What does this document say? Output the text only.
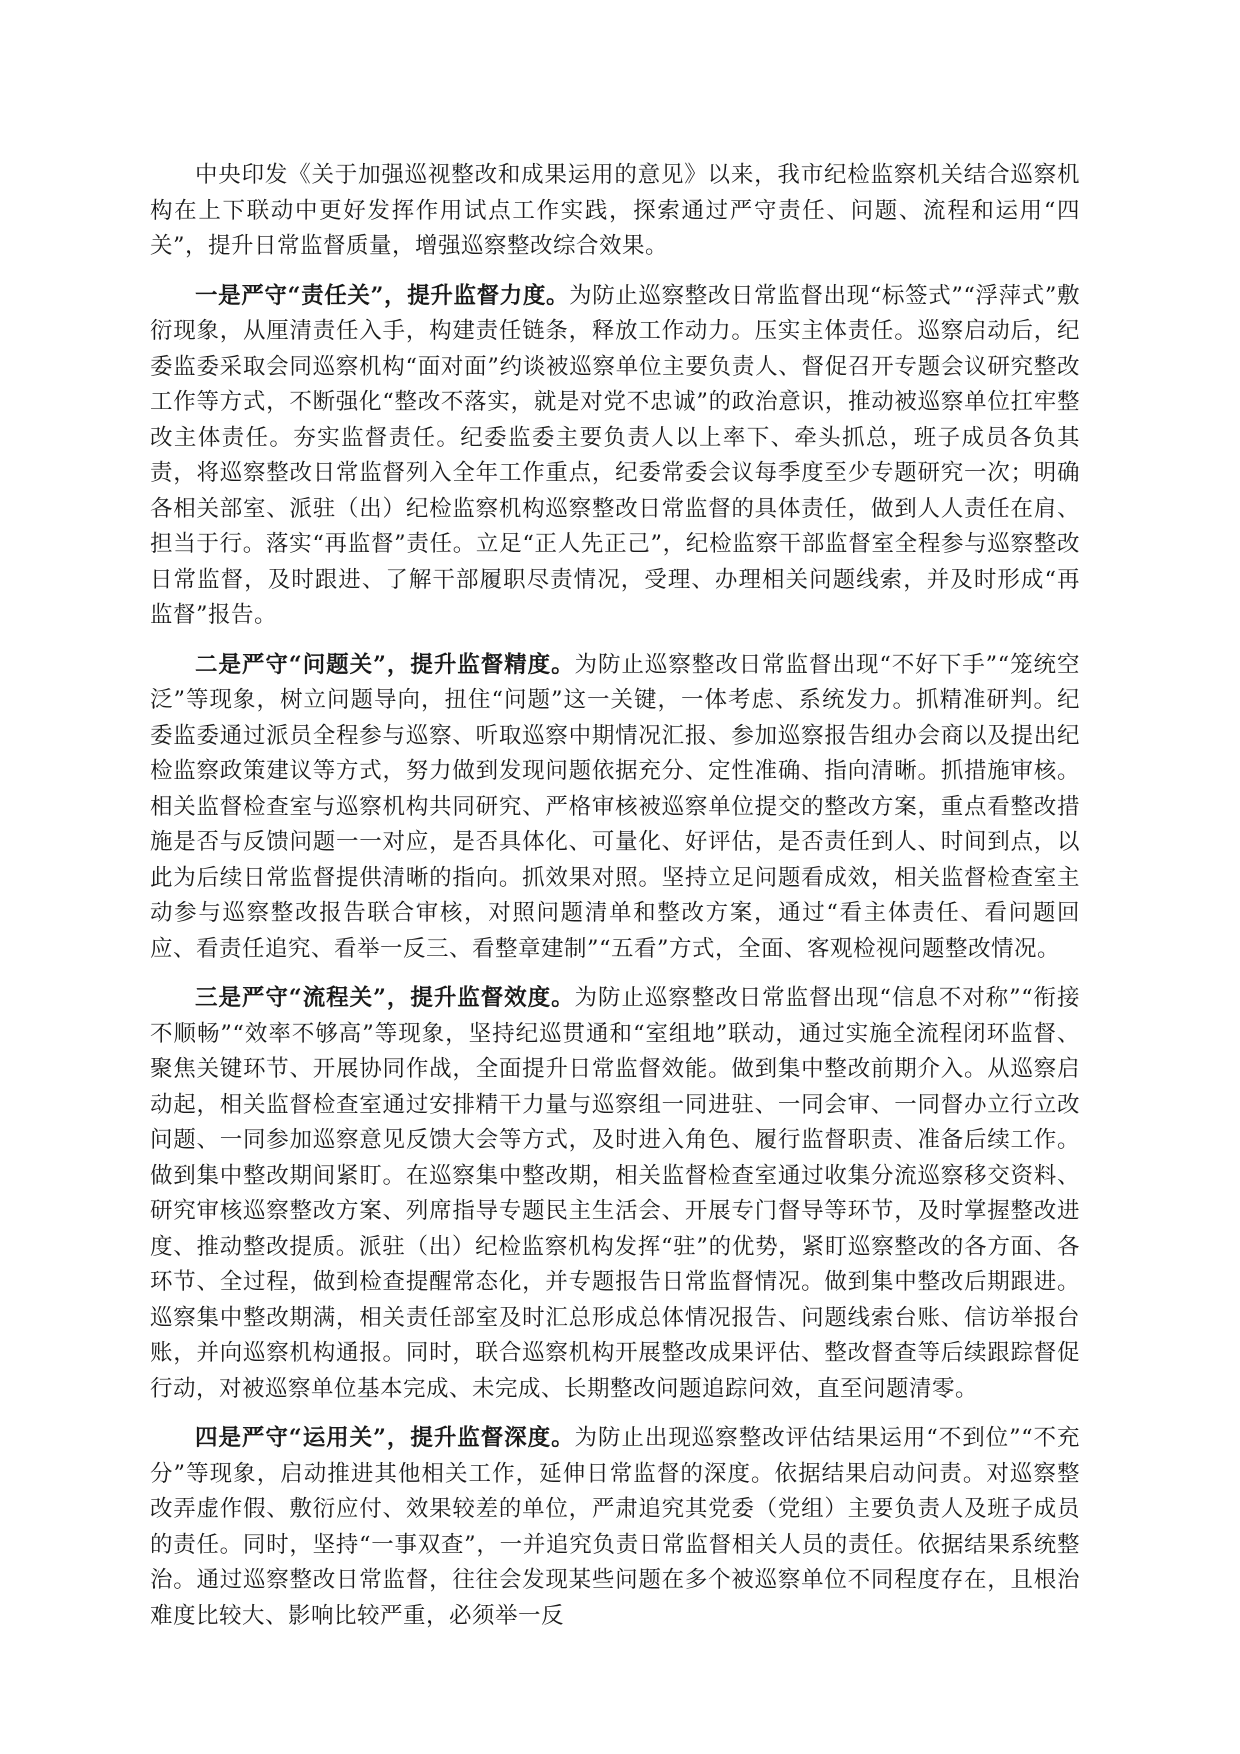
中央印发《关于加强巡视整改和成果运用的意见》以来，我市纪检监察机关结合巡察机构在上下联动中更好发挥作用试点工作实践，探索通过严守责任、问题、流程和运用“四关”，提升日常监督质量，增强巡察整改综合效果。

一是严守“责任关”，提升监督力度。为防止巡察整改日常监督出现“标签式”“浮萍式”敷衍现象，从厘清责任入手，构建责任链条，释放工作动力。压实主体责任。巡察启动后，纪委监委采取会同巡察机构“面对面”约谈被巡察单位主要负责人、督促召开专题会议研究整改工作等方式，不断强化“整改不落实，就是对党不忠诚”的政治意识，推动被巡察单位扛牢整改主体责任。夯实监督责任。纪委监委主要负责人以上率下、牵头抓总，班子成员各负其责，将巡察整改日常监督列入全年工作重点，纪委常委会议每季度至少专题研究一次；明确各相关部室、派驻（出）纪检监察机构巡察整改日常监督的具体责任，做到人人责任在肩、担当于行。落实“再监督”责任。立足“正人先正己”，纪检监察干部监督室全程参与巡察整改日常监督，及时跟进、了解干部履职尽责情况，受理、办理相关问题线索，并及时形成“再监督”报告。

二是严守“问题关”，提升监督精度。为防止巡察整改日常监督出现“不好下手”“笼统空泛”等现象，树立问题导向，扭住“问题”这一关键，一体考虑、系统发力。抓精准研判。纪委监委通过派员全程参与巡察、听取巡察中期情况汇报、参加巡察报告组办会商以及提出纪检监察政策建议等方式，努力做到发现问题依据充分、定性准确、指向清晰。抓措施审核。相关监督检查室与巡察机构共同研究、严格审核被巡察单位提交的整改方案，重点看整改措施是否与反馈问题一一对应，是否具体化、可量化、好评估，是否责任到人、时间到点，以此为后续日常监督提供清晰的指向。抓效果对照。坚持立足问题看成效，相关监督检查室主动参与巡察整改报告联合审核，对照问题清单和整改方案，通过“看主体责任、看问题回应、看责任追究、看举一反三、看整章建制”“五看”方式，全面、客观检视问题整改情况。

三是严守“流程关”，提升监督效度。为防止巡察整改日常监督出现“信息不对称”“衔接不顺畅”“效率不够高”等现象，坚持纪巡贯通和“室组地”联动，通过实施全流程闭环监督、聚焦关键环节、开展协同作战，全面提升日常监督效能。做到集中整改前期介入。从巡察启动起，相关监督检查室通过安排精干力量与巡察组一同进驻、一同会审、一同督办立行立改问题、一同参加巡察意见反馈大会等方式，及时进入角色、履行监督职责、准备后续工作。做到集中整改期间紧盯。在巡察集中整改期，相关监督检查室通过收集分流巡察移交资料、研究审核巡察整改方案、列席指导专题民主生活会、开展专门督导等环节，及时掌握整改进度、推动整改提质。派驻（出）纪检监察机构发挥“驻”的优势，紧盯巡察整改的各方面、各环节、全过程，做到检查提醒常态化，并专题报告日常监督情况。做到集中整改后期跟进。巡察集中整改期满，相关责任部室及时汇总形成总体情况报告、问题线索台账、信访举报台账，并向巡察机构通报。同时，联合巡察机构开展整改成果评估、整改督查等后续跟踪督促行动，对被巡察单位基本完成、未完成、长期整改问题追踪问效，直至问题清零。

四是严守“运用关”，提升监督深度。为防止出现巡察整改评估结果运用“不到位”“不充分”等现象，启动推进其他相关工作，延伸日常监督的深度。依据结果启动问责。对巡察整改弄虚作假、敷衍应付、效果较差的单位，严肃追究其党委（党组）主要负责人及班子成员的责任。同时，坚持“一事双查”，一并追究负责日常监督相关人员的责任。依据结果系统整治。通过巡察整改日常监督，往往会发现某些问题在多个被巡察单位不同程度存在，且根治难度比较大、影响比较严重，必须举一反
